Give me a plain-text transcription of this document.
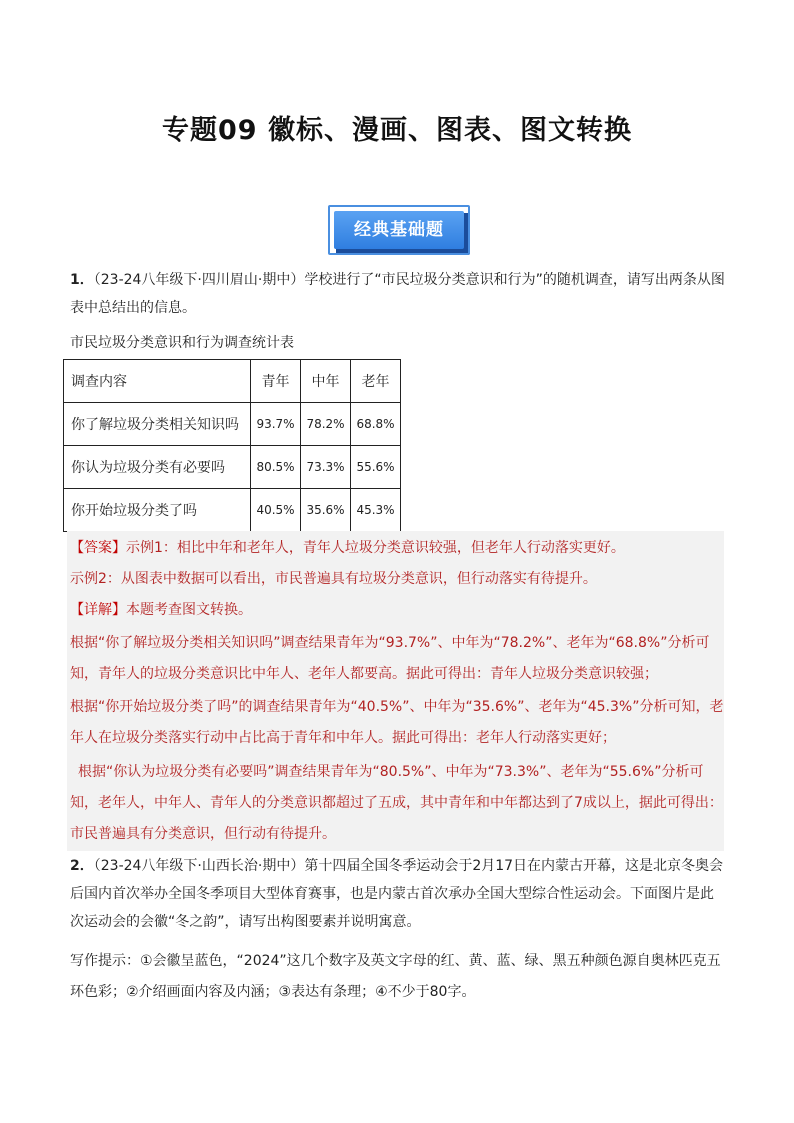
专题09 徽标、漫画、图表、图文转换
经典基础题
1．（23-24八年级下·四川眉山·期中）学校进行了“市民垃圾分类意识和行为”的随机调查，请写出两条从图表中总结出的信息。
市民垃圾分类意识和行为调查统计表
调查内容	青年	中年	老年
你了解垃圾分类相关知识吗	93.7%	78.2%	68.8%
你认为垃圾分类有必要吗	80.5%	73.3%	55.6%
你开始垃圾分类了吗	40.5%	35.6%	45.3%
【答案】示例1：相比中年和老年人，青年人垃圾分类意识较强，但老年人行动落实更好。
示例2：从图表中数据可以看出，市民普遍具有垃圾分类意识，但行动落实有待提升。
【详解】本题考查图文转换。
根据“你了解垃圾分类相关知识吗”调查结果青年为“93.7%”、中年为“78.2%”、老年为“68.8%”分析可知，青年人的垃圾分类意识比中年人、老年人都要高。据此可得出：青年人垃圾分类意识较强；
根据“你开始垃圾分类了吗”的调查结果青年为“40.5%”、中年为“35.6%”、老年为“45.3%”分析可知，老年人在垃圾分类落实行动中占比高于青年和中年人。据此可得出：老年人行动落实更好；
根据“你认为垃圾分类有必要吗”调查结果青年为“80.5%”、中年为“73.3%”、老年为“55.6%”分析可知，老年人，中年人、青年人的分类意识都超过了五成，其中青年和中年都达到了7成以上，据此可得出：市民普遍具有分类意识，但行动有待提升。
2．（23-24八年级下·山西长治·期中）第十四届全国冬季运动会于2月17日在内蒙古开幕，这是北京冬奥会后国内首次举办全国冬季项目大型体育赛事，也是内蒙古首次承办全国大型综合性运动会。下面图片是此次运动会的会徽“冬之韵”，请写出构图要素并说明寓意。
写作提示：①会徽呈蓝色，“2024”这几个数字及英文字母的红、黄、蓝、绿、黑五种颜色源自奥林匹克五环色彩；②介绍画面内容及内涵；③表达有条理；④不少于80字。
